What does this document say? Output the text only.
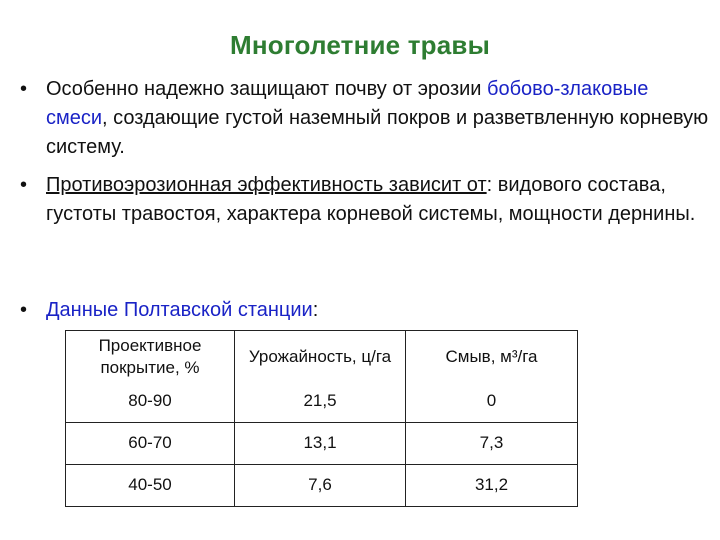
Многолетние травы
• Особенно надежно защищают почву от эрозии бобово-злаковые смеси, создающие густой наземный покров и разветвленную корневую систему.
• Противоэрозионная эффективность зависит от: видового состава, густоты травостоя, характера корневой системы, мощности дернины.
• Данные Полтавской станции:
Проективное покрытие, %	Урожайность, ц/га	Смыв, м³/га
80-90	21,5	0
60-70	13,1	7,3
40-50	7,6	31,2
